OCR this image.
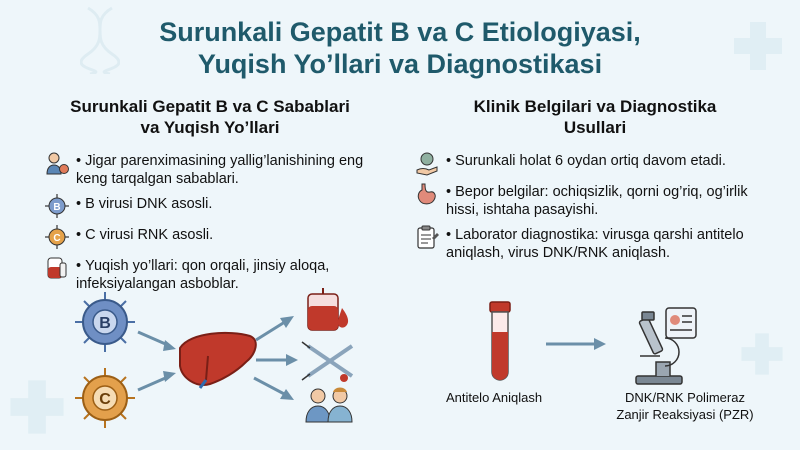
Surunkali Gepatit B va C Etiologiyasi,
Yuqish Yo’llari va Diagnostikasi
Surunkali Gepatit B va C Sabablari
va Yuqish Yo’llari
• Jigar parenximasining yallig’lanishining eng keng tarqalgan sabablari.
B • B virusi DNK asosli.
C • C virusi RNK asosli.
• Yuqish yo’llari: qon orqali, jinsiy aloqa, infeksiyalangan asboblar.
Klinik Belgilari va Diagnostika
Usullari
• Surunkali holat 6 oydan ortiq davom etadi.
• Bepor belgilar: ochiqsizlik, qorni og’riq, og’irlik hissi, ishtaha pasayishi.
• Laborator diagnostika: virusga qarshi antitelo aniqlash, virus DNK/RNK aniqlash.
B
C	Antitelo Aniqlash	DNK/RNK Polimeraz
Zanjir Reaksiyasi (PZR)
